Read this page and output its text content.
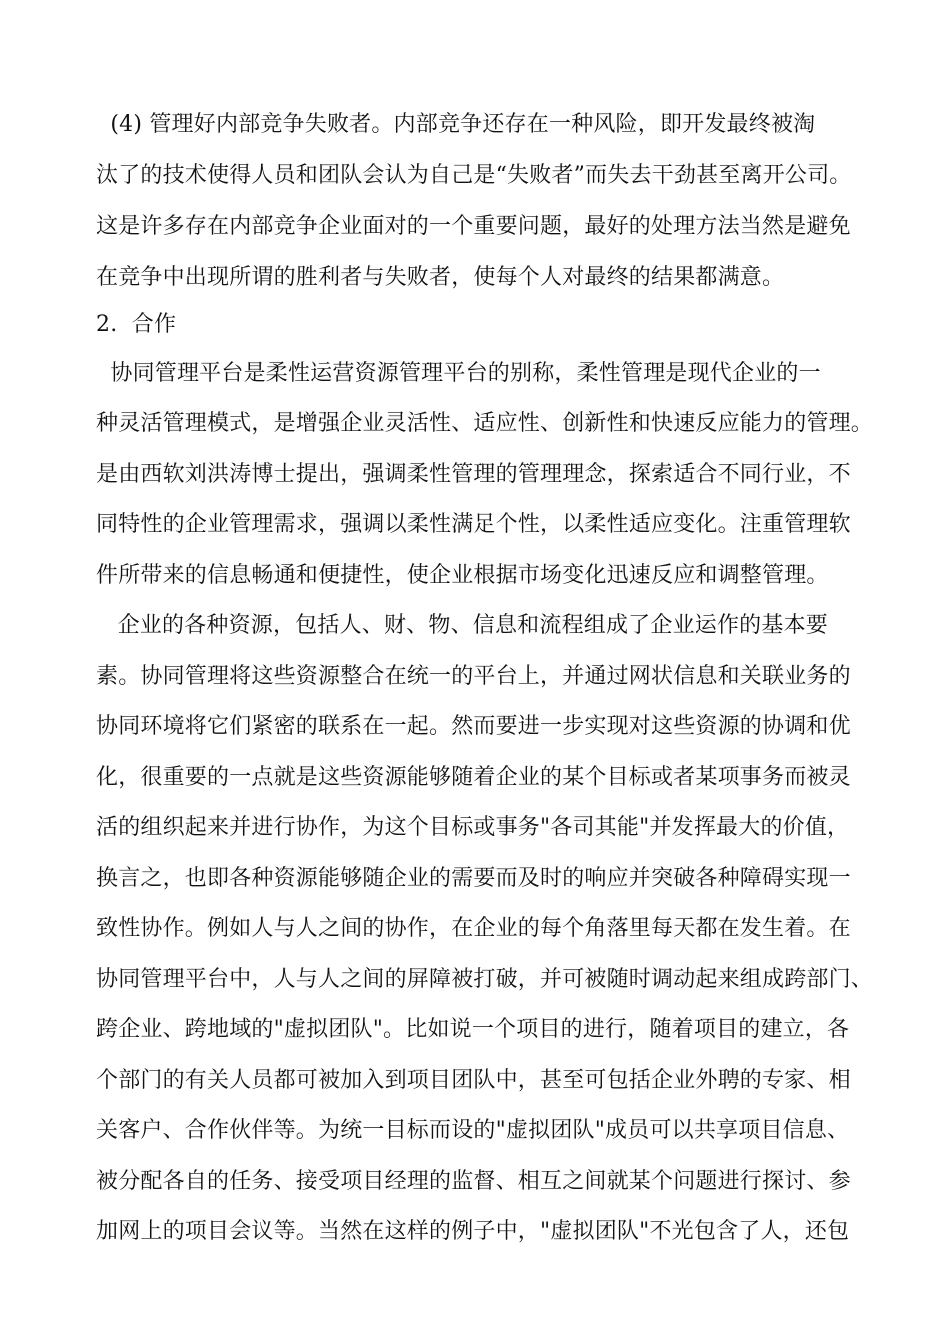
(4) 管理好内部竞争失败者。内部竞争还存在一种风险，即开发最终被淘
汰了的技术使得人员和团队会认为自己是“失败者”而失去干劲甚至离开公司。
这是许多存在内部竞争企业面对的一个重要问题，最好的处理方法当然是避免
在竞争中出现所谓的胜利者与失败者，使每个人对最终的结果都满意。
2.  合作
协同管理平台是柔性运营资源管理平台的别称，柔性管理是现代企业的一
种灵活管理模式，是增强企业灵活性、适应性、创新性和快速反应能力的管理。
是由西软刘洪涛博士提出，强调柔性管理的管理理念，探索适合不同行业，不
同特性的企业管理需求，强调以柔性满足个性，以柔性适应变化。注重管理软
件所带来的信息畅通和便捷性，使企业根据市场变化迅速反应和调整管理。
企业的各种资源，包括人、财、物、信息和流程组成了企业运作的基本要
素。协同管理将这些资源整合在统一的平台上，并通过网状信息和关联业务的
协同环境将它们紧密的联系在一起。然而要进一步实现对这些资源的协调和优
化，很重要的一点就是这些资源能够随着企业的某个目标或者某项事务而被灵
活的组织起来并进行协作，为这个目标或事务"各司其能"并发挥最大的价值，
换言之，也即各种资源能够随企业的需要而及时的响应并突破各种障碍实现一
致性协作。例如人与人之间的协作，在企业的每个角落里每天都在发生着。在
协同管理平台中，人与人之间的屏障被打破，并可被随时调动起来组成跨部门、
跨企业、跨地域的"虚拟团队"。比如说一个项目的进行，随着项目的建立，各
个部门的有关人员都可被加入到项目团队中，甚至可包括企业外聘的专家、相
关客户、合作伙伴等。为统一目标而设的"虚拟团队"成员可以共享项目信息、
被分配各自的任务、接受项目经理的监督、相互之间就某个问题进行探讨、参
加网上的项目会议等。当然在这样的例子中，"虚拟团队"不光包含了人，还包
